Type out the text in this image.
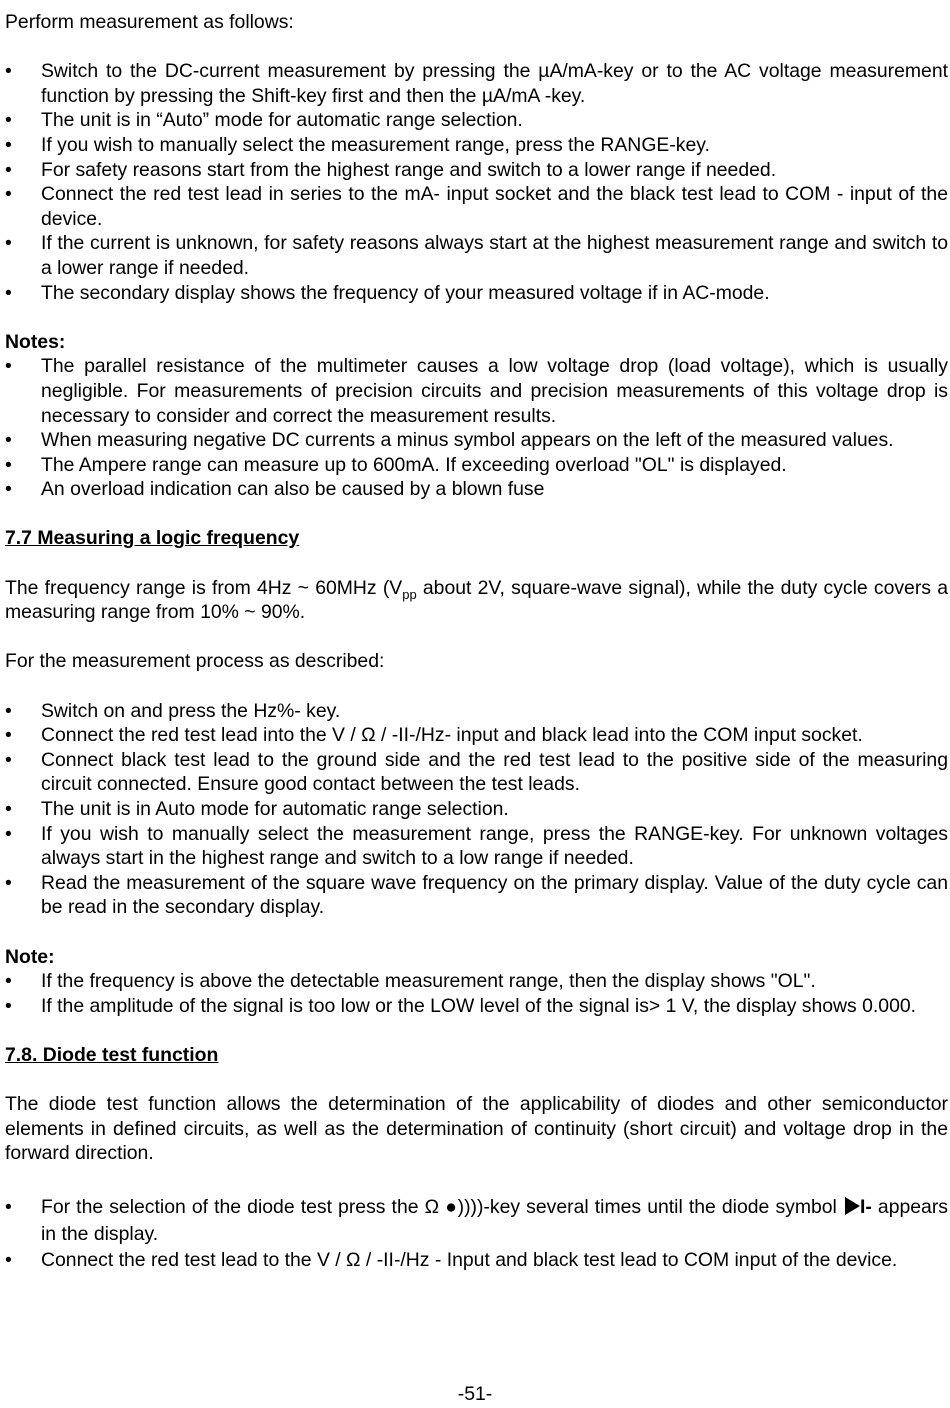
Perform measurement as follows:

• Switch to the DC-current measurement by pressing the µA/mA-key or to the AC voltage measurement function by pressing the Shift-key first and then the µA/mA -key.
• The unit is in “Auto” mode for automatic range selection.
• If you wish to manually select the measurement range, press the RANGE-key.
• For safety reasons start from the highest range and switch to a lower range if needed.
• Connect the red test lead in series to the mA- input socket and the black test lead to COM - input of the device.
• If the current is unknown, for safety reasons always start at the highest measurement range and switch to a lower range if needed.
• The secondary display shows the frequency of your measured voltage if in AC-mode.

Notes:

• The parallel resistance of the multimeter causes a low voltage drop (load voltage), which is usually negligible. For measurements of precision circuits and precision measurements of this voltage drop is necessary to consider and correct the measurement results.
• When measuring negative DC currents a minus symbol appears on the left of the measured values.
• The Ampere range can measure up to 600mA. If exceeding overload "OL" is displayed.
• An overload indication can also be caused by a blown fuse
7.7 Measuring a logic frequency

The frequency range is from 4Hz ~ 60MHz ($V_{pp}$ about 2V, square-wave signal), while the duty cycle covers a measuring range from 10% ~ 90%.

For the measurement process as described:

• Switch on and press the Hz%- key.
• Connect the red test lead into the V / Ω / -II-/Hz- input and black lead into the COM input socket.
• Connect black test lead to the ground side and the red test lead to the positive side of the measuring circuit connected. Ensure good contact between the test leads.
• The unit is in Auto mode for automatic range selection.
• If you wish to manually select the measurement range, press the RANGE-key. For unknown voltages always start in the highest range and switch to a low range if needed.
• Read the measurement of the square wave frequency on the primary display. Value of the duty cycle can be read in the secondary display.

Note:

• If the frequency is above the detectable measurement range, then the display shows "OL".
• If the amplitude of the signal is too low or the LOW level of the signal is> 1 V, the display shows 0.000.
7.8. Diode test function

The diode test function allows the determination of the applicability of diodes and other semiconductor elements in defined circuits, as well as the determination of continuity (short circuit) and voltage drop in the forward direction.

• For the selection of the diode test press the Ω ●))))-key several times until the diode symbol I- appears in the display.
• Connect the red test lead to the V / Ω / -II-/Hz - Input and black test lead to COM input of the device.
-51-
